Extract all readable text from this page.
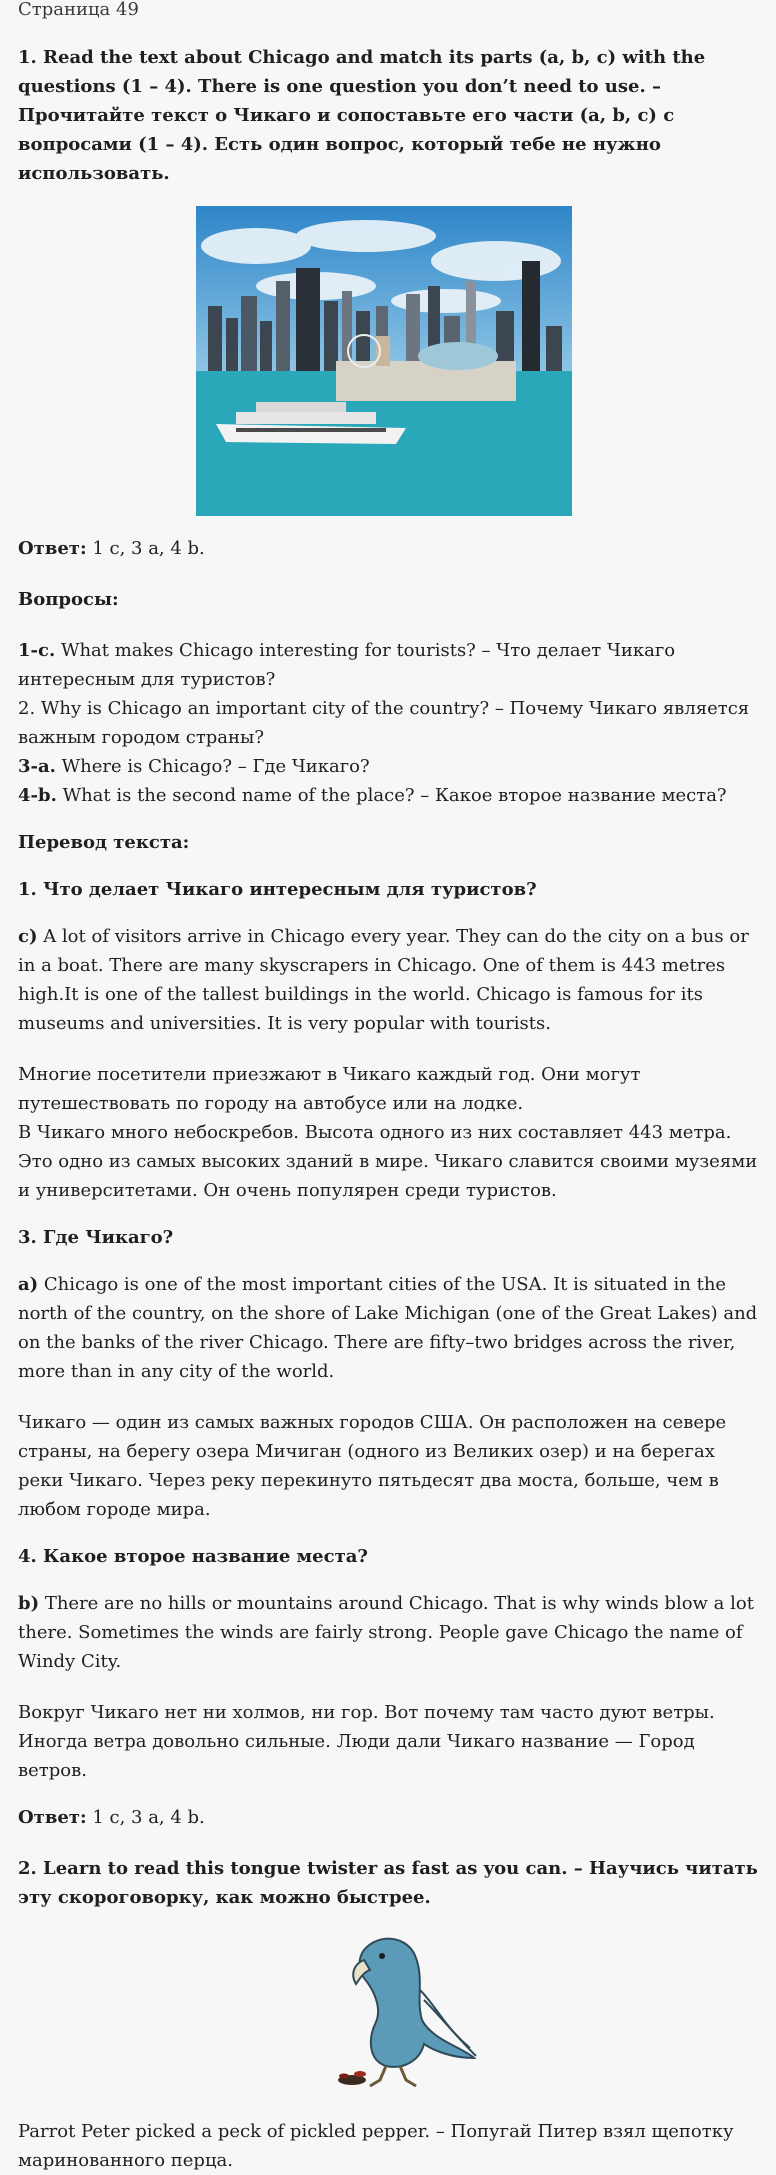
Страница 49

1. Read the text about Chicago and match its parts (a, b, c) with the questions (1 – 4). There is one question you don’t need to use. – Прочитайте текст о Чикаго и сопоставьте его части (a, b, c) с вопросами (1 – 4). Есть один вопрос, который тебе не нужно использовать.

Ответ: 1 c, 3 a, 4 b.

Вопросы:

1-c. What makes Chicago interesting for tourists? – Что делает Чикаго интересным для туристов?

2. Why is Chicago an important city of the country? – Почему Чикаго является важным городом страны?

3-a. Where is Chicago? – Где Чикаго?

4-b. What is the second name of the place? – Какое второе название места?

Перевод текста:

1. Что делает Чикаго интересным для туристов?

c) A lot of visitors arrive in Chicago every year. They can do the city on a bus or in a boat. There are many skyscrapers in Chicago. One of them is 443 metres high.It is one of the tallest buildings in the world. Chicago is famous for its museums and universities. It is very popular with tourists.

Многие посетители приезжают в Чикаго каждый год. Они могут путешествовать по городу на автобусе или на лодке.

В Чикаго много небоскребов. Высота одного из них составляет 443 метра. Это одно из самых высоких зданий в мире. Чикаго славится своими музеями и университетами. Он очень популярен среди туристов.

3. Где Чикаго?

a) Chicago is one of the most important cities of the USA. It is situated in the north of the country, on the shore of Lake Michigan (one of the Great Lakes) and on the banks of the river Chicago. There are fifty–two bridges across the river, more than in any city of the world.

Чикаго — один из самых важных городов США. Он расположен на севере страны, на берегу озера Мичиган (одного из Великих озер) и на берегах реки Чикаго. Через реку перекинуто пятьдесят два моста, больше, чем в любом городе мира.

4. Какое второе название места?

b) There are no hills or mountains around Chicago. That is why winds blow a lot there. Sometimes the winds are fairly strong. People gave Chicago the name of Windy City.

Вокруг Чикаго нет ни холмов, ни гор. Вот почему там часто дуют ветры. Иногда ветра довольно сильные. Люди дали Чикаго название — Город ветров.

Ответ: 1 c, 3 a, 4 b.

2. Learn to read this tongue twister as fast as you can. – Научись читать эту скороговорку, как можно быстрее.

Parrot Peter picked a peck of pickled pepper. – Попугай Питер взял щепотку маринованного перца.
